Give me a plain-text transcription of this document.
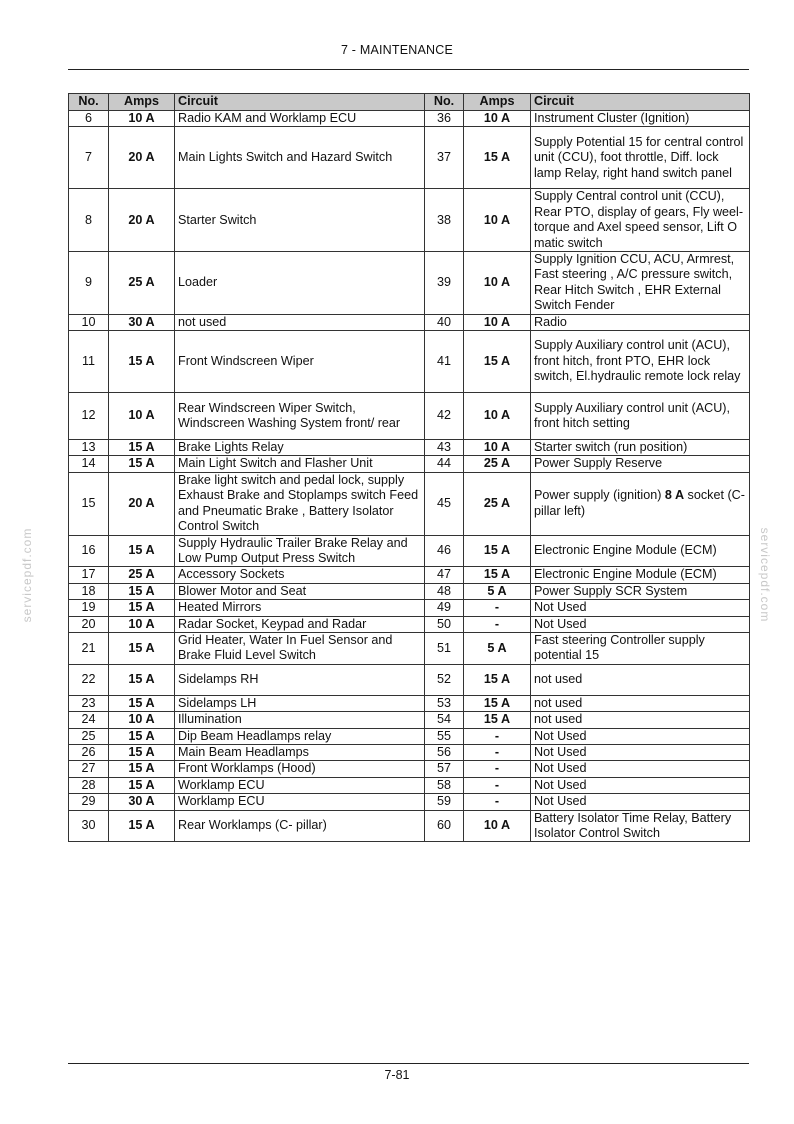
7 - MAINTENANCE
servicepdf.com	servicepdf.com
No.	Amps	Circuit	No.	Amps	Circuit
6	10 A	Radio KAM and Worklamp ECU	36	10 A	Instrument Cluster (Ignition)
7	20 A	Main Lights Switch and Hazard Switch	37	15 A	Supply Potential 15 for central control unit (CCU), foot throttle, Diff. lock lamp Relay, right hand switch panel
8	20 A	Starter Switch	38	10 A	Supply Central control unit (CCU), Rear PTO, display of gears, Fly weel-torque and Axel speed sensor, Lift O matic switch
9	25 A	Loader	39	10 A	Supply Ignition CCU, ACU, Armrest, Fast steering , A/C pressure switch, Rear Hitch Switch , EHR External Switch Fender
10	30 A	not used	40	10 A	Radio
11	15 A	Front Windscreen Wiper	41	15 A	Supply Auxiliary control unit (ACU), front hitch, front PTO, EHR lock switch, El.hydraulic remote lock relay
12	10 A	Rear Windscreen Wiper Switch, Windscreen Washing System front/ rear	42	10 A	Supply Auxiliary control unit (ACU), front hitch setting
13	15 A	Brake Lights Relay	43	10 A	Starter switch (run position)
14	15 A	Main Light Switch and Flasher Unit	44	25 A	Power Supply Reserve
15	20 A	Brake light switch and pedal lock, supply Exhaust Brake and Stoplamps switch Feed and Pneumatic Brake , Battery Isolator Control Switch	45	25 A	Power supply (ignition) 8 A socket (C- pillar left)
16	15 A	Supply Hydraulic Trailer Brake Relay and Low Pump Output Press Switch	46	15 A	Electronic Engine Module (ECM)
17	25 A	Accessory Sockets	47	15 A	Electronic Engine Module (ECM)
18	15 A	Blower Motor and Seat	48	5 A	Power Supply SCR System
19	15 A	Heated Mirrors	49	-	Not Used
20	10 A	Radar Socket, Keypad and Radar	50	-	Not Used
21	15 A	Grid Heater, Water In Fuel Sensor and Brake Fluid Level Switch	51	5 A	Fast steering Controller supply potential 15
22	15 A	Sidelamps RH	52	15 A	not used
23	15 A	Sidelamps LH	53	15 A	not used
24	10 A	Illumination	54	15 A	not used
25	15 A	Dip Beam Headlamps relay	55	-	Not Used
26	15 A	Main Beam Headlamps	56	-	Not Used
27	15 A	Front Worklamps (Hood)	57	-	Not Used
28	15 A	Worklamp ECU	58	-	Not Used
29	30 A	Worklamp ECU	59	-	Not Used
30	15 A	Rear Worklamps (C- pillar)	60	10 A	Battery Isolator Time Relay, Battery Isolator Control Switch
7-81
